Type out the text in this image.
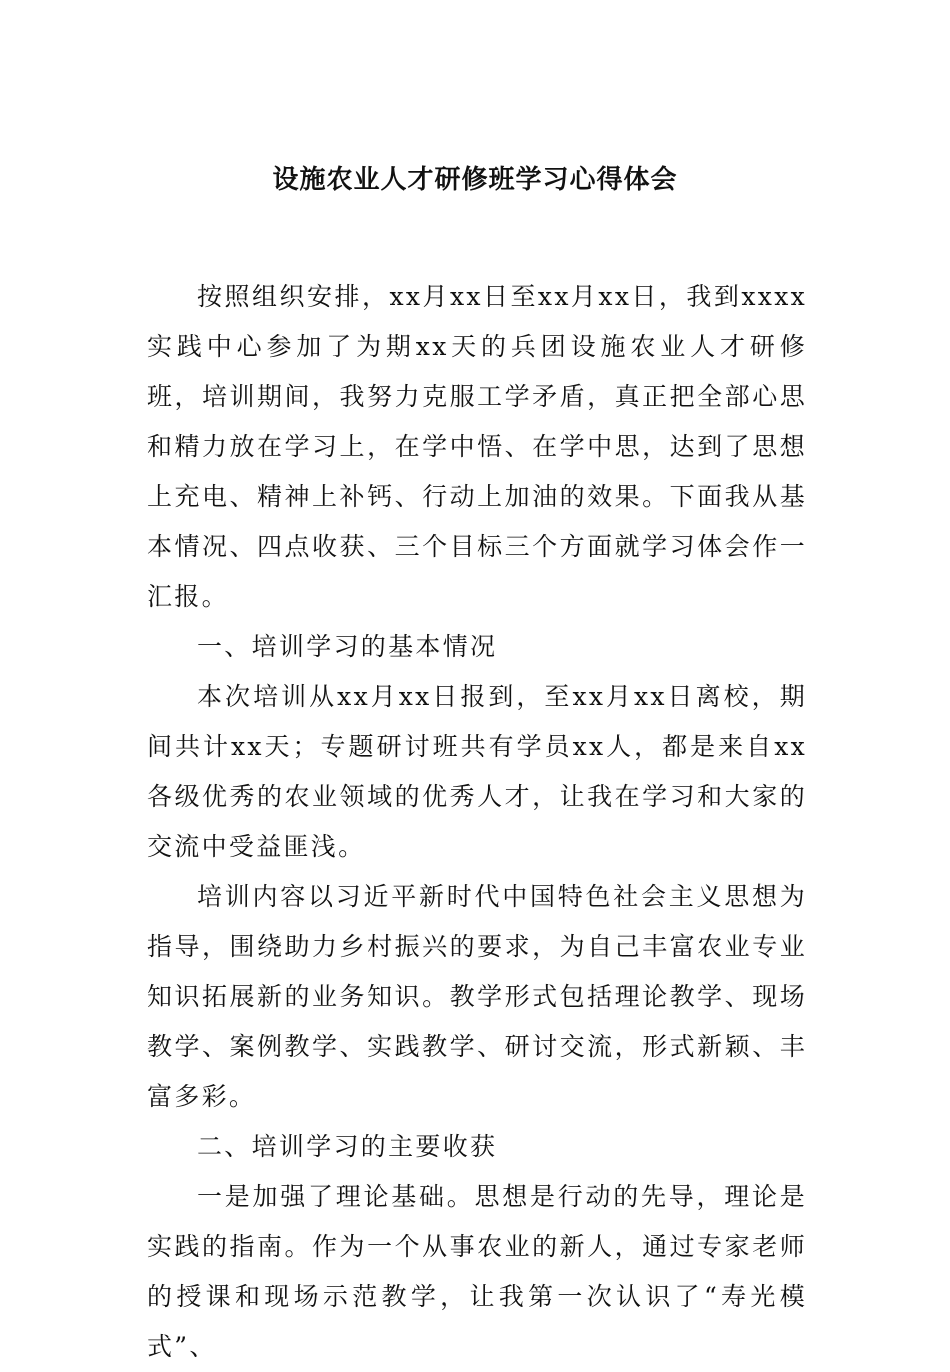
设施农业人才研修班学习心得体会

按照组织安排，xx月xx日至xx月xx日，我到xxxx实践中心参加了为期xx天的兵团设施农业人才研修班，培训期间，我努力克服工学矛盾，真正把全部心思和精力放在学习上，在学中悟、在学中思，达到了思想上充电、精神上补钙、行动上加油的效果。下面我从基本情况、四点收获、三个目标三个方面就学习体会作一汇报。

一、培训学习的基本情况

本次培训从xx月xx日报到，至xx月xx日离校，期间共计xx天；专题研讨班共有学员xx人，都是来自xx各级优秀的农业领域的优秀人才，让我在学习和大家的交流中受益匪浅。

培训内容以习近平新时代中国特色社会主义思想为指导，围绕助力乡村振兴的要求，为自己丰富农业专业知识拓展新的业务知识。教学形式包括理论教学、现场教学、案例教学、实践教学、研讨交流，形式新颖、丰富多彩。

二、培训学习的主要收获

一是加强了理论基础。思想是行动的先导，理论是实践的指南。作为一个从事农业的新人，通过专家老师的授课和现场示范教学，让我第一次认识了“寿光模式”、
